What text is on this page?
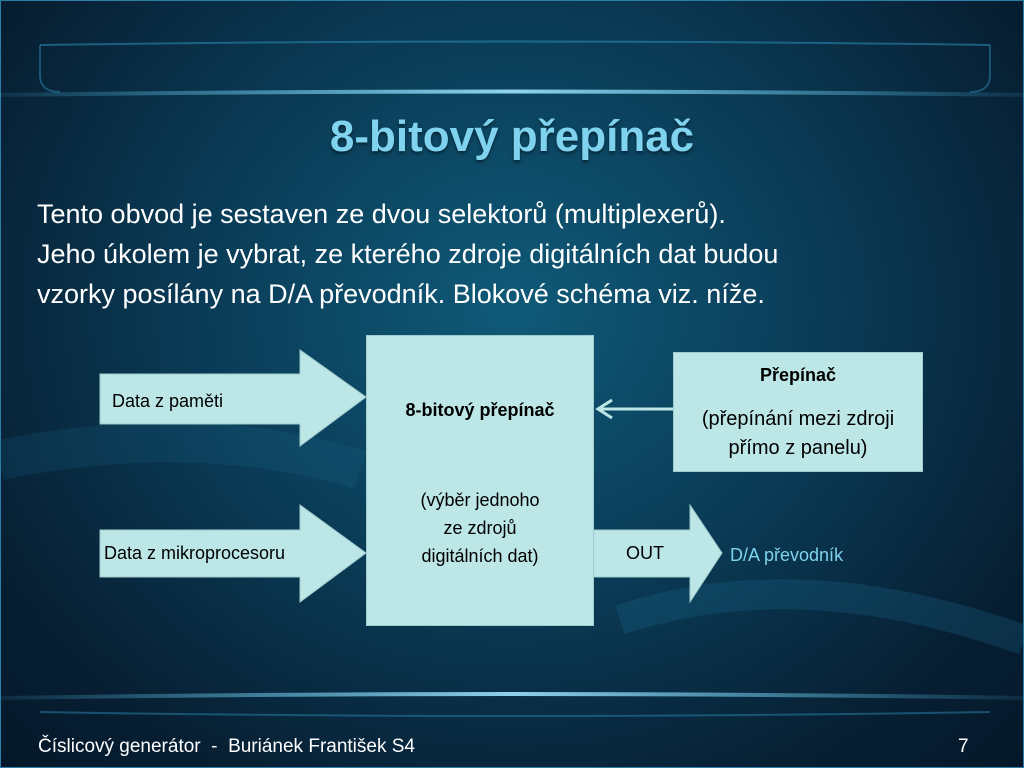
8-bitový přepínač
Tento obvod je sestaven ze dvou selektorů (multiplexerů).
Jeho úkolem je vybrat, ze kterého zdroje digitálních dat budou
vzorky posílány na D/A převodník. Blokové schéma viz. níže.
8-bitový přepínač
(výběr jednoho
ze zdrojů
digitálních dat)
Přepínač
(přepínání mezi zdroji
přímo z panelu)
Data z paměti
Data z mikroprocesoru	OUT	D/A převodník
Číslicový generátor  -  Buriánek František S4	7
